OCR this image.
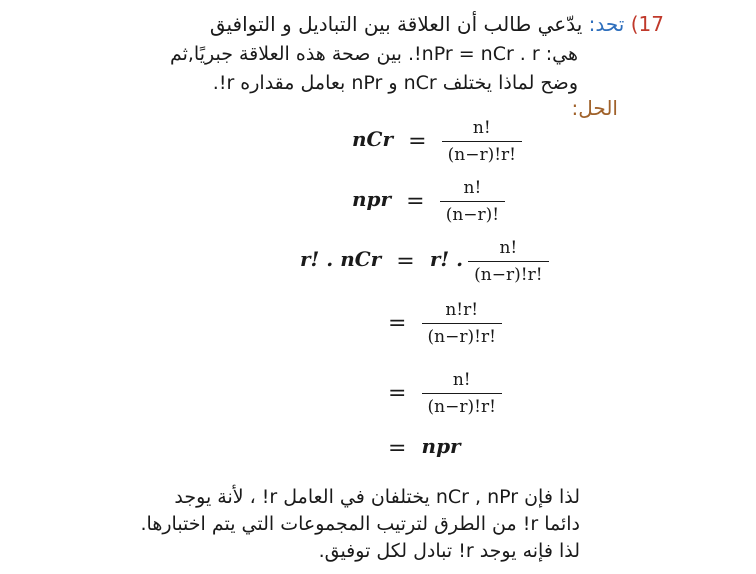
17) تحد: يدّعي طالب أن العلاقة بين التباديل و التوافيق
هي: nPr = nCr . r!. بين صحة هذه العلاقة جبريًا,ثم
وضح لماذا يختلف nCr و nPr بعامل مقداره r!.
الحل:
nCr = $\frac{n!}{(n-r)!r!}$
npr = $\frac{n!}{(n-r)!}$
r! . nCr = r! . $\frac{n!}{(n-r)!r!}$
= $\frac{n!r!}{(n-r)!r!}$
= $\frac{n!}{(n-r)!r!}$
= npr
لذا فإن nCr , nPr يختلفان في العامل r! ، لأنة يوجد
دائما r! من الطرق لترتيب المجموعات التي يتم اختبارها.
لذا فإنه يوجد r! تبادل لكل توفيق.
